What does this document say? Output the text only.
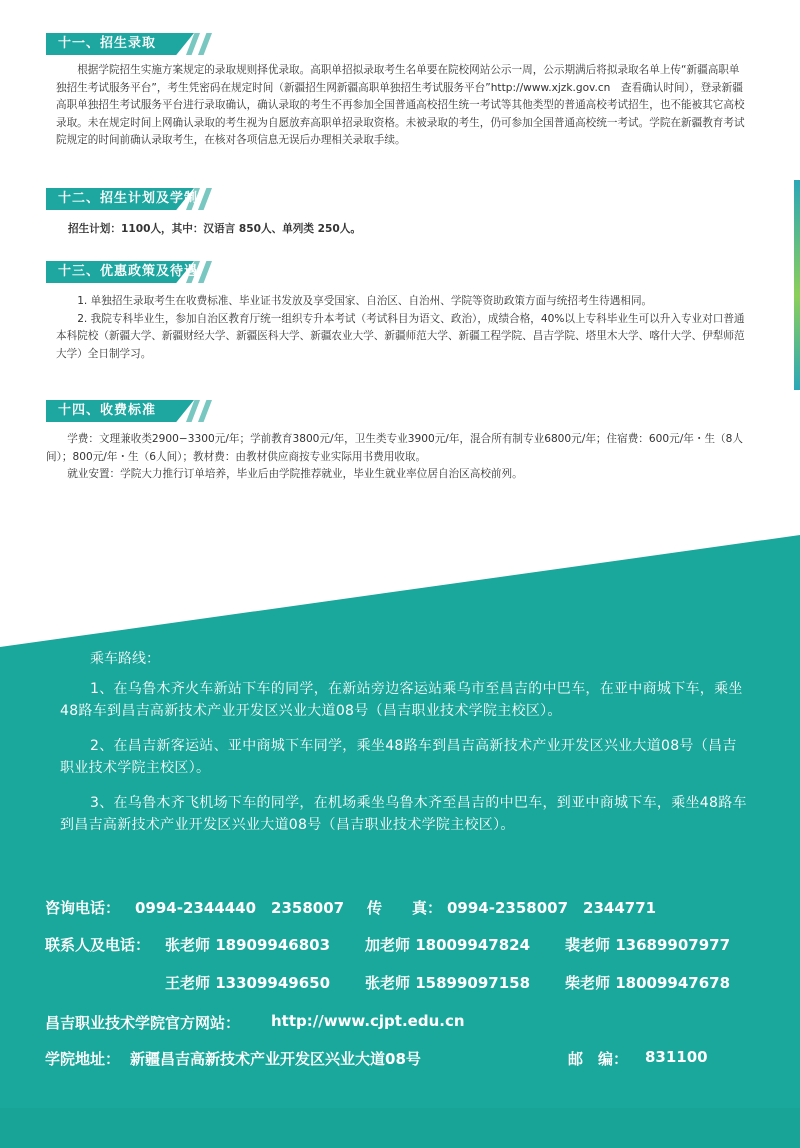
十一、招生录取

根据学院招生实施方案规定的录取规则择优录取。高职单招拟录取考生名单要在院校网站公示一周，公示期满后将拟录取名单上传“新疆高职单独招生考试服务平台”，考生凭密码在规定时间（新疆招生网新疆高职单独招生考试服务平台”http://www.xjzk.gov.cn　查看确认时间），登录新疆高职单独招生考试服务平台进行录取确认，确认录取的考生不再参加全国普通高校招生统一考试等其他类型的普通高校考试招生，也不能被其它高校录取。未在规定时间上网确认录取的考生视为自愿放弃高职单招录取资格。未被录取的考生，仍可参加全国普通高校统一考试。学院在新疆教育考试院规定的时间前确认录取考生，在核对各项信息无误后办理相关录取手续。

十二、招生计划及学制

招生计划：1100人，其中：汉语言 850人、单列类 250人。

十三、优惠政策及待遇

1. 单独招生录取考生在收费标准、毕业证书发放及享受国家、自治区、自治州、学院等资助政策方面与统招考生待遇相同。

2. 我院专科毕业生，参加自治区教育厅统一组织专升本考试（考试科目为语文、政治），成绩合格，40%以上专科毕业生可以升入专业对口普通本科院校（新疆大学、新疆财经大学、新疆医科大学、新疆农业大学、新疆师范大学、新疆工程学院、昌吉学院、塔里木大学、喀什大学、伊犁师范大学）全日制学习。

十四、收费标准

学费：文理兼收类2900−3300元/年；学前教育3800元/年，卫生类专业3900元/年，混合所有制专业6800元/年；住宿费：600元/年・生（8人间）；800元/年・生（6人间）；教材费：由教材供应商按专业实际用书费用收取。

就业安置：学院大力推行订单培养，毕业后由学院推荐就业，毕业生就业率位居自治区高校前列。

乘车路线：

1、在乌鲁木齐火车新站下车的同学，在新站旁边客运站乘乌市至昌吉的中巴车，在亚中商城下车，乘坐48路车到昌吉高新技术产业开发区兴业大道08号（昌吉职业技术学院主校区）。

2、在昌吉新客运站、亚中商城下车同学，乘坐48路车到昌吉高新技术产业开发区兴业大道08号（昌吉职业技术学院主校区）。

3、在乌鲁木齐飞机场下车的同学，在机场乘坐乌鲁木齐至昌吉的中巴车，到亚中商城下车，乘坐48路车到昌吉高新技术产业开发区兴业大道08号（昌吉职业技术学院主校区）。

咨询电话： 0994-2344440　2358007 传　　真： 0994-2358007　2344771
联系人及电话： 张老师 18909946803 加老师 18009947824 裴老师 13689907977
王老师 13309949650 张老师 15899097158 柴老师 18009947678
昌吉职业技术学院官方网站： http://www.cjpt.edu.cn
学院地址： 新疆昌吉高新技术产业开发区兴业大道08号	邮　编： 831100
